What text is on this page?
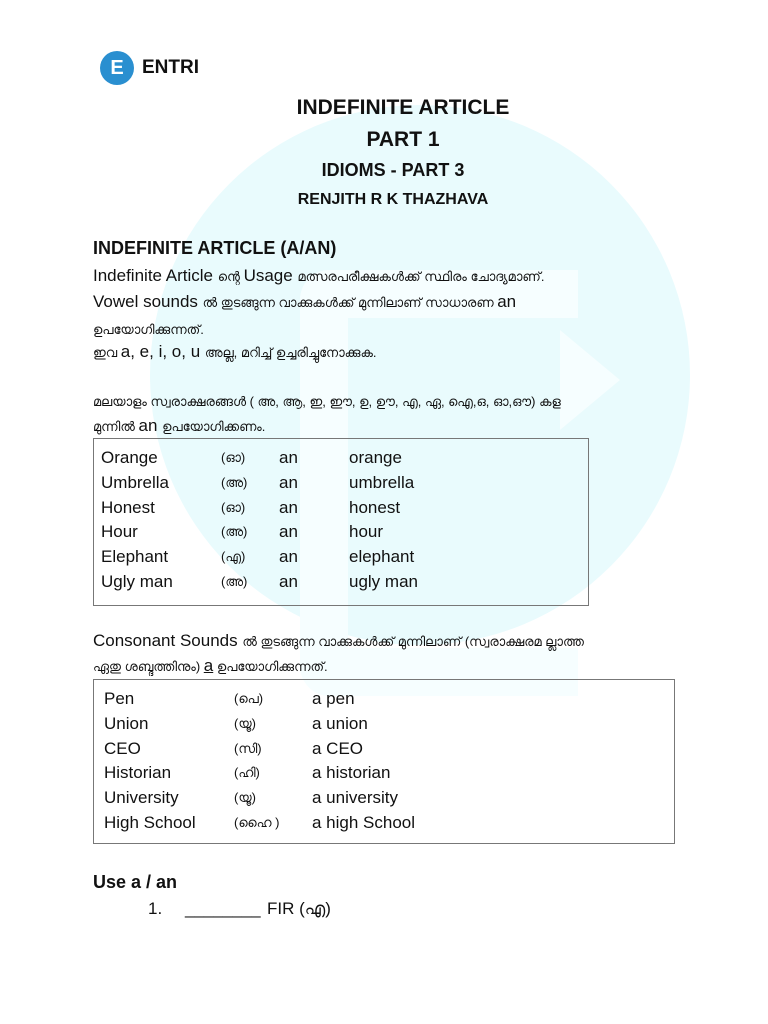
E ENTRI
INDEFINITE ARTICLE
PART 1
IDIOMS - PART 3
RENJITH R K THAZHAVA
INDEFINITE ARTICLE (A/AN)
Indefinite Article ന്റെ Usage മത്സരപരീക്ഷകൾക്ക് സ്ഥിരം ചോദ്യമാണ്.
Vowel sounds ൽ തുടങ്ങുന്ന വാക്കുകൾക്ക് മുന്നിലാണ് സാധാരണ an
ഉപയോഗിക്കുന്നത്.
ഇവ a, e, i, o, u അല്ല, മറിച്ച് ഉച്ചരിച്ചുനോക്കുക.
മലയാളം സ്വരാക്ഷരങ്ങൾ ( അ, ആ, ഇ, ഈ, ഉ, ഊ, എ, ഏ, ഐ,ഒ, ഓ,ഔ) കള
മുന്നിൽ an ഉപയോഗിക്കണം.
Consonant Sounds ൽ തുടങ്ങുന്ന വാക്കുകൾക്ക് മുന്നിലാണ് (സ്വരാക്ഷരമ ല്ലാത്ത
ഏതു ശബ്ദത്തിനും) a ഉപയോഗിക്കുന്നത്.
Use a / an
1. ________ FIR (എ)
Orange	(ഓ) an	orange
Umbrella	(അ) an	umbrella
Honest	(ഓ) an	honest
Hour	(അ) an	hour
Elephant	(എ) an	elephant
Ugly man	(അ) an	ugly man
Pen	(പെ)	a pen
Union	(യൂ)	a union
CEO	(സി)	a CEO
Historian	(ഹി)	a historian
University	(യൂ)	a university
High School	(ഹൈ ) a high School
